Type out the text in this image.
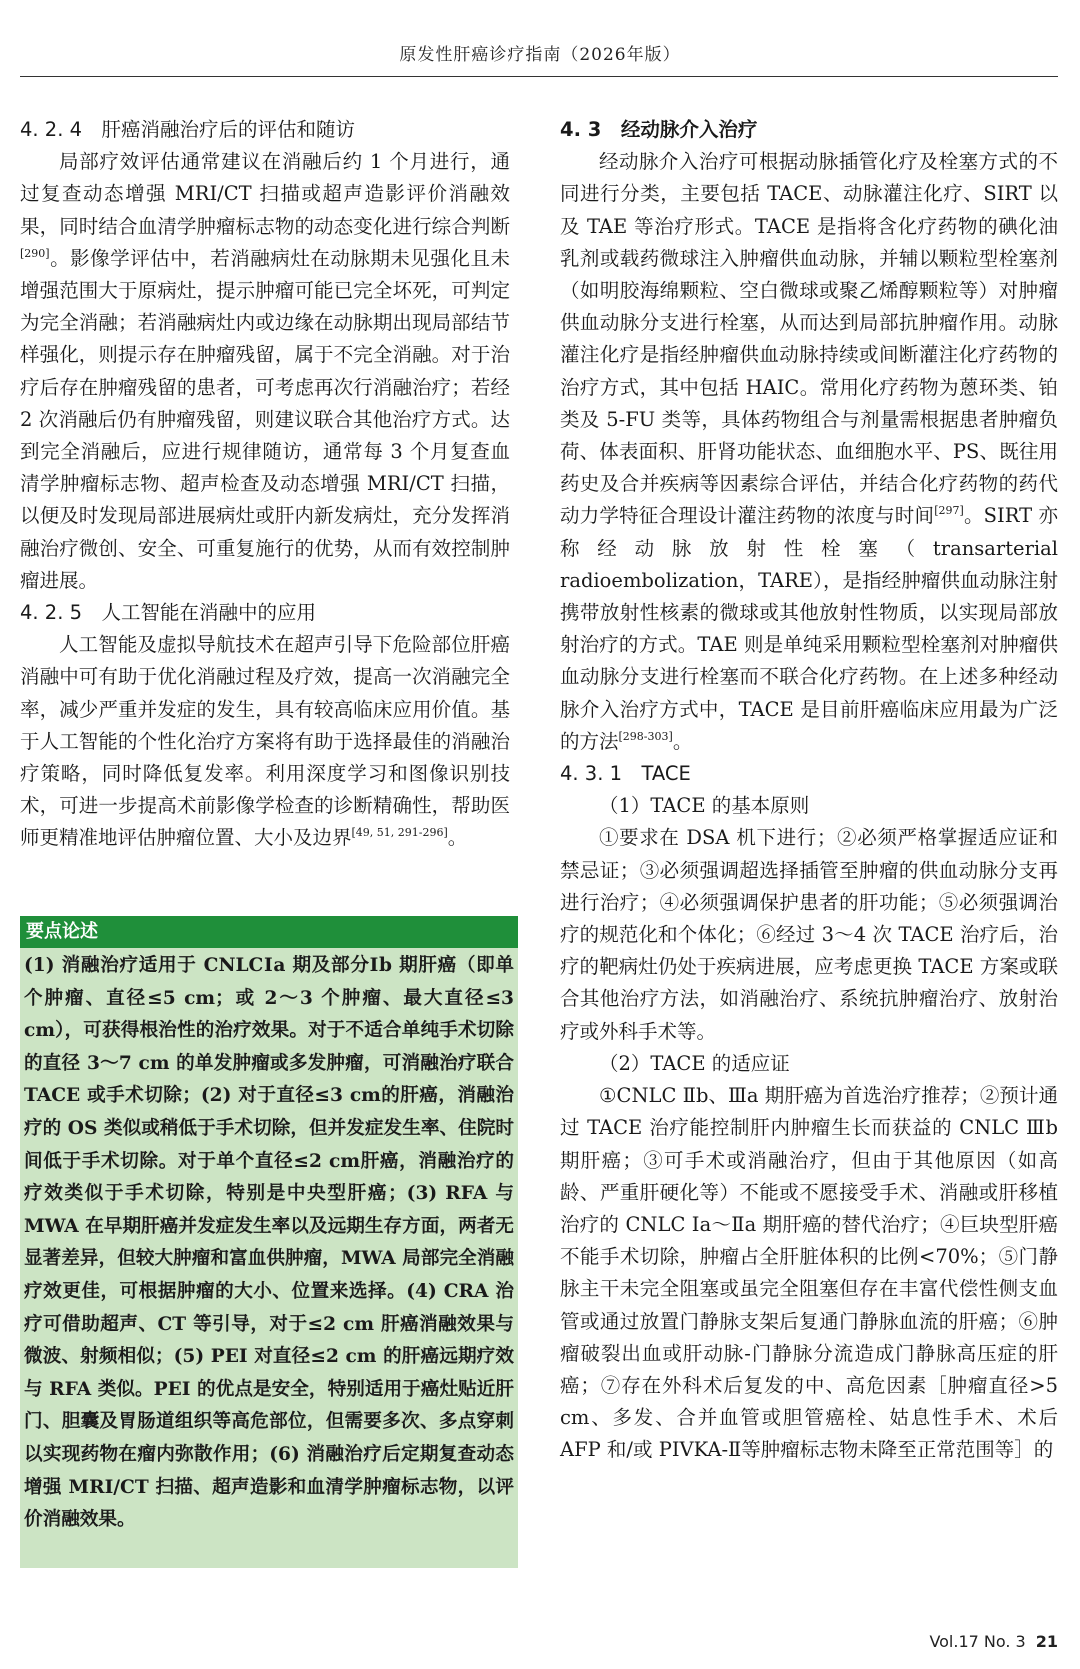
原发性肝癌诊疗指南（2026年版）
4. 2. 4　肝癌消融治疗后的评估和随访

局部疗效评估通常建议在消融后约 1 个月进行，通过复查动态增强 MRI/CT 扫描或超声造影评价消融效果，同时结合血清学肿瘤标志物的动态变化进行综合判断[290]。影像学评估中，若消融病灶在动脉期未见强化且未增强范围大于原病灶，提示肿瘤可能已完全坏死，可判定为完全消融；若消融病灶内或边缘在动脉期出现局部结节样强化，则提示存在肿瘤残留，属于不完全消融。对于治疗后存在肿瘤残留的患者，可考虑再次行消融治疗；若经 2 次消融后仍有肿瘤残留，则建议联合其他治疗方式。达到完全消融后，应进行规律随访，通常每 3 个月复查血清学肿瘤标志物、超声检查及动态增强 MRI/CT 扫描，以便及时发现局部进展病灶或肝内新发病灶，充分发挥消融治疗微创、安全、可重复施行的优势，从而有效控制肿瘤进展。

4. 2. 5　人工智能在消融中的应用

人工智能及虚拟导航技术在超声引导下危险部位肝癌消融中可有助于优化消融过程及疗效，提高一次消融完全率，减少严重并发症的发生，具有较高临床应用价值。基于人工智能的个性化治疗方案将有助于选择最佳的消融治疗策略，同时降低复发率。利用深度学习和图像识别技术，可进一步提高术前影像学检查的诊断精确性，帮助医师更精准地评估肿瘤位置、大小及边界[49, 51, 291-296]。

要点论述
(1) 消融治疗适用于 CNLCⅠa 期及部分Ⅰb 期肝癌（即单个肿瘤、直径≤5 cm；或 2～3 个肿瘤、最大直径≤3 cm），可获得根治性的治疗效果。对于不适合单纯手术切除的直径 3～7 cm 的单发肿瘤或多发肿瘤，可消融治疗联合 TACE 或手术切除；(2) 对于直径≤3 cm的肝癌，消融治疗的 OS 类似或稍低于手术切除，但并发症发生率、住院时间低于手术切除。对于单个直径≤2 cm肝癌，消融治疗的疗效类似于手术切除，特别是中央型肝癌；(3) RFA 与 MWA 在早期肝癌并发症发生率以及远期生存方面，两者无显著差异，但较大肿瘤和富血供肿瘤，MWA 局部完全消融疗效更佳，可根据肿瘤的大小、位置来选择。(4) CRA 治疗可借助超声、CT 等引导，对于≤2 cm 肝癌消融效果与微波、射频相似；(5) PEI 对直径≤2 cm 的肝癌远期疗效与 RFA 类似。PEI 的优点是安全，特别适用于癌灶贴近肝门、胆囊及胃肠道组织等高危部位，但需要多次、多点穿刺以实现药物在瘤内弥散作用；(6) 消融治疗后定期复查动态增强 MRI/CT 扫描、超声造影和血清学肿瘤标志物，以评价消融效果。
4. 3　经动脉介入治疗

经动脉介入治疗可根据动脉插管化疗及栓塞方式的不同进行分类，主要包括 TACE、动脉灌注化疗、SIRT 以及 TAE 等治疗形式。TACE 是指将含化疗药物的碘化油乳剂或载药微球注入肿瘤供血动脉，并辅以颗粒型栓塞剂（如明胶海绵颗粒、空白微球或聚乙烯醇颗粒等）对肿瘤供血动脉分支进行栓塞，从而达到局部抗肿瘤作用。动脉灌注化疗是指经肿瘤供血动脉持续或间断灌注化疗药物的治疗方式，其中包括 HAIC。常用化疗药物为蒽环类、铂类及 5-FU 类等，具体药物组合与剂量需根据患者肿瘤负荷、体表面积、肝肾功能状态、血细胞水平、PS、既往用药史及合并疾病等因素综合评估，并结合化疗药物的药代动力学特征合理设计灌注药物的浓度与时间[297]。SIRT 亦称经动脉放射性栓塞（transarterial radioembolization，TARE），是指经肿瘤供血动脉注射携带放射性核素的微球或其他放射性物质，以实现局部放射治疗的方式。TAE 则是单纯采用颗粒型栓塞剂对肿瘤供血动脉分支进行栓塞而不联合化疗药物。在上述多种经动脉介入治疗方式中，TACE 是目前肝癌临床应用最为广泛的方法[298-303]。

4. 3. 1　TACE
（1）TACE 的基本原则

①要求在 DSA 机下进行；②必须严格掌握适应证和禁忌证；③必须强调超选择插管至肿瘤的供血动脉分支再进行治疗；④必须强调保护患者的肝功能；⑤必须强调治疗的规范化和个体化；⑥经过 3～4 次 TACE 治疗后，治疗的靶病灶仍处于疾病进展，应考虑更换 TACE 方案或联合其他治疗方法，如消融治疗、系统抗肿瘤治疗、放射治疗或外科手术等。

（2）TACE 的适应证

①CNLC Ⅱb、Ⅲa 期肝癌为首选治疗推荐；②预计通过 TACE 治疗能控制肝内肿瘤生长而获益的 CNLC Ⅲb 期肝癌；③可手术或消融治疗，但由于其他原因（如高龄、严重肝硬化等）不能或不愿接受手术、消融或肝移植治疗的 CNLC Ⅰa～Ⅱa 期肝癌的替代治疗；④巨块型肝癌不能手术切除，肿瘤占全肝脏体积的比例<70%；⑤门静脉主干未完全阻塞或虽完全阻塞但存在丰富代偿性侧支血管或通过放置门静脉支架后复通门静脉血流的肝癌；⑥肿瘤破裂出血或肝动脉-门静脉分流造成门静脉高压症的肝癌；⑦存在外科术后复发的中、高危因素［肿瘤直径>5 cm、多发、合并血管或胆管癌栓、姑息性手术、术后 AFP 和/或 PIVKA-Ⅱ等肿瘤标志物未降至正常范围等］的

Vol.17 No. 3 21
